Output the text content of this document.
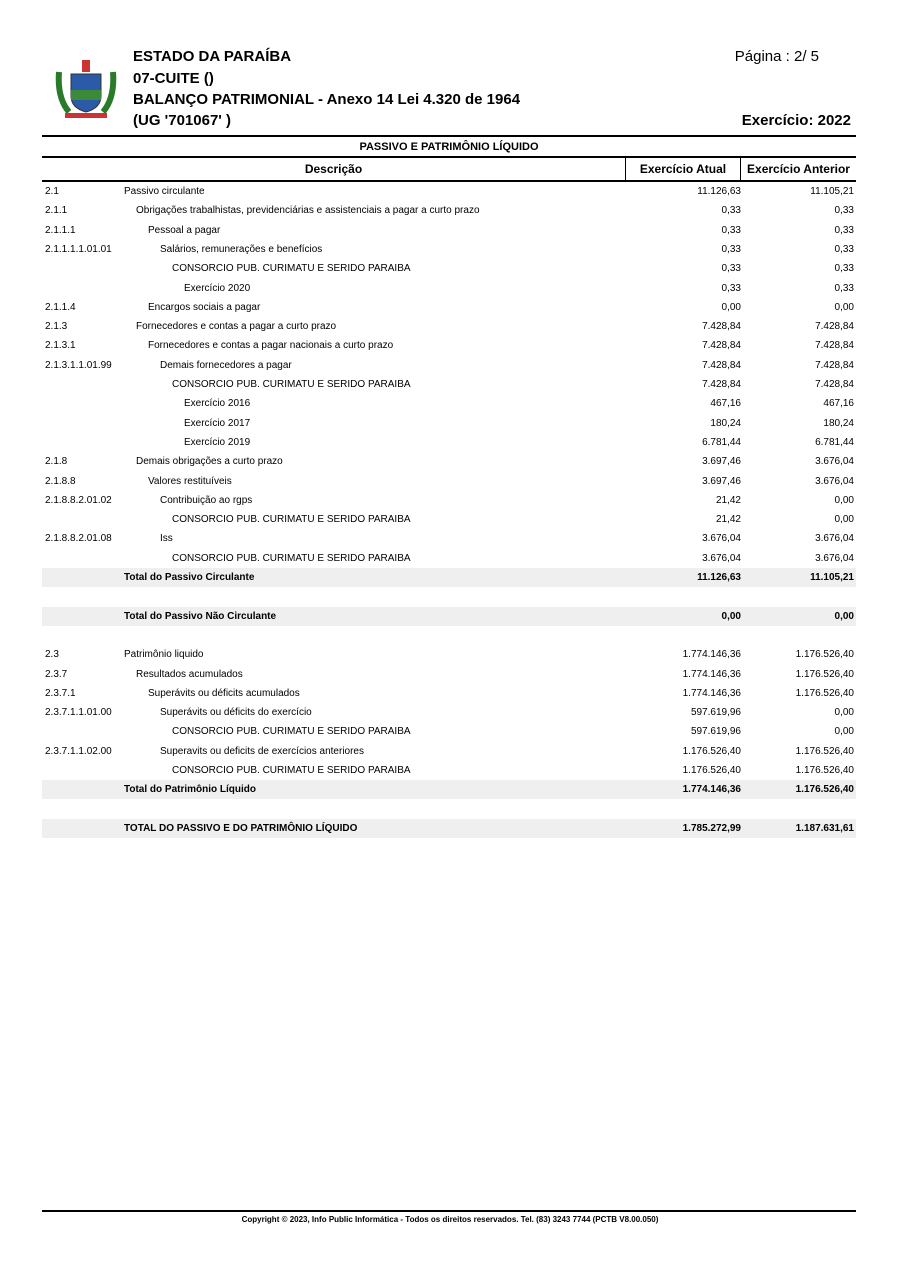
ESTADO DA PARAÍBA
07-CUITE ()
BALANÇO PATRIMONIAL - Anexo 14 Lei 4.320 de 1964
(UG '701067' )
Página : 2/ 5
Exercício: 2022
PASSIVO E PATRIMÔNIO LÍQUIDO
Descrição	Exercício Atual	Exercício Anterior
2.1	Passivo circulante	11.126,63	11.105,21
2.1.1	Obrigações trabalhistas, previdenciárias e assistenciais a pagar a curto prazo	0,33	0,33
2.1.1.1	Pessoal a pagar	0,33	0,33
2.1.1.1.1.01.01	Salários, remunerações e benefícios	0,33	0,33
CONSORCIO PUB. CURIMATU E SERIDO PARAIBA	0,33	0,33
Exercício 2020	0,33	0,33
2.1.1.4	Encargos sociais a pagar	0,00	0,00
2.1.3	Fornecedores e contas a pagar a curto prazo	7.428,84	7.428,84
2.1.3.1	Fornecedores e contas a pagar nacionais a curto prazo	7.428,84	7.428,84
2.1.3.1.1.01.99	Demais fornecedores a pagar	7.428,84	7.428,84
CONSORCIO PUB. CURIMATU E SERIDO PARAIBA	7.428,84	7.428,84
Exercício 2016	467,16	467,16
Exercício 2017	180,24	180,24
Exercício 2019	6.781,44	6.781,44
2.1.8	Demais obrigações a curto prazo	3.697,46	3.676,04
2.1.8.8	Valores restituíveis	3.697,46	3.676,04
2.1.8.8.2.01.02	Contribuição ao rgps	21,42	0,00
CONSORCIO PUB. CURIMATU E SERIDO PARAIBA	21,42	0,00
2.1.8.8.2.01.08	Iss	3.676,04	3.676,04
CONSORCIO PUB. CURIMATU E SERIDO PARAIBA	3.676,04	3.676,04
Total do Passivo Circulante	11.126,63	11.105,21
Total do Passivo Não Circulante	0,00	0,00
2.3	Patrimônio liquido	1.774.146,36	1.176.526,40
2.3.7	Resultados acumulados	1.774.146,36	1.176.526,40
2.3.7.1	Superávits ou déficits acumulados	1.774.146,36	1.176.526,40
2.3.7.1.1.01.00	Superávits ou déficits do exercício	597.619,96	0,00
CONSORCIO PUB. CURIMATU E SERIDO PARAIBA	597.619,96	0,00
2.3.7.1.1.02.00	Superavits ou deficits de exercícios anteriores	1.176.526,40	1.176.526,40
CONSORCIO PUB. CURIMATU E SERIDO PARAIBA	1.176.526,40	1.176.526,40
Total do Patrimônio Líquido	1.774.146,36	1.176.526,40
TOTAL DO PASSIVO E DO PATRIMÔNIO LÍQUIDO	1.785.272,99	1.187.631,61
Copyright © 2023, Info Public Informática - Todos os direitos reservados. Tel. (83) 3243 7744 (PCTB V8.00.050)
